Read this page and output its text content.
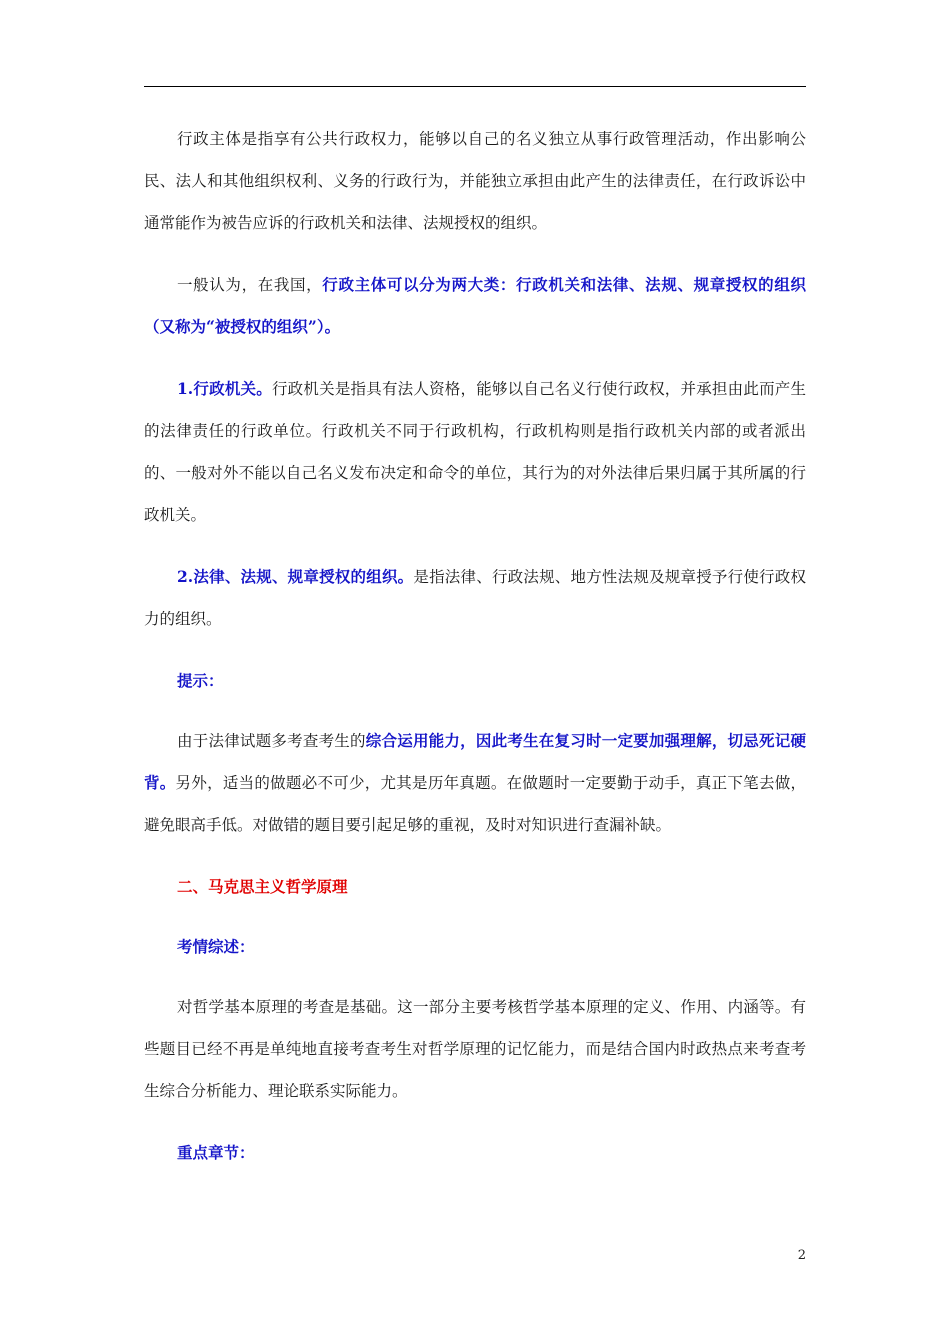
行政主体是指享有公共行政权力，能够以自己的名义独立从事行政管理活动，作出影响公民、法人和其他组织权利、义务的行政行为，并能独立承担由此产生的法律责任，在行政诉讼中通常能作为被告应诉的行政机关和法律、法规授权的组织。

一般认为，在我国，行政主体可以分为两大类：行政机关和法律、法规、规章授权的组织（又称为“被授权的组织”）。

1.行政机关。行政机关是指具有法人资格，能够以自己名义行使行政权，并承担由此而产生的法律责任的行政单位。行政机关不同于行政机构，行政机构则是指行政机关内部的或者派出的、一般对外不能以自己名义发布决定和命令的单位，其行为的对外法律后果归属于其所属的行政机关。

2.法律、法规、规章授权的组织。是指法律、行政法规、地方性法规及规章授予行使行政权力的组织。

提示：

由于法律试题多考查考生的综合运用能力，因此考生在复习时一定要加强理解，切忌死记硬背。另外，适当的做题必不可少，尤其是历年真题。在做题时一定要勤于动手，真正下笔去做，避免眼高手低。对做错的题目要引起足够的重视，及时对知识进行查漏补缺。

二、马克思主义哲学原理

考情综述：

对哲学基本原理的考查是基础。这一部分主要考核哲学基本原理的定义、作用、内涵等。有些题目已经不再是单纯地直接考查考生对哲学原理的记忆能力，而是结合国内时政热点来考查考生综合分析能力、理论联系实际能力。

重点章节：

2
